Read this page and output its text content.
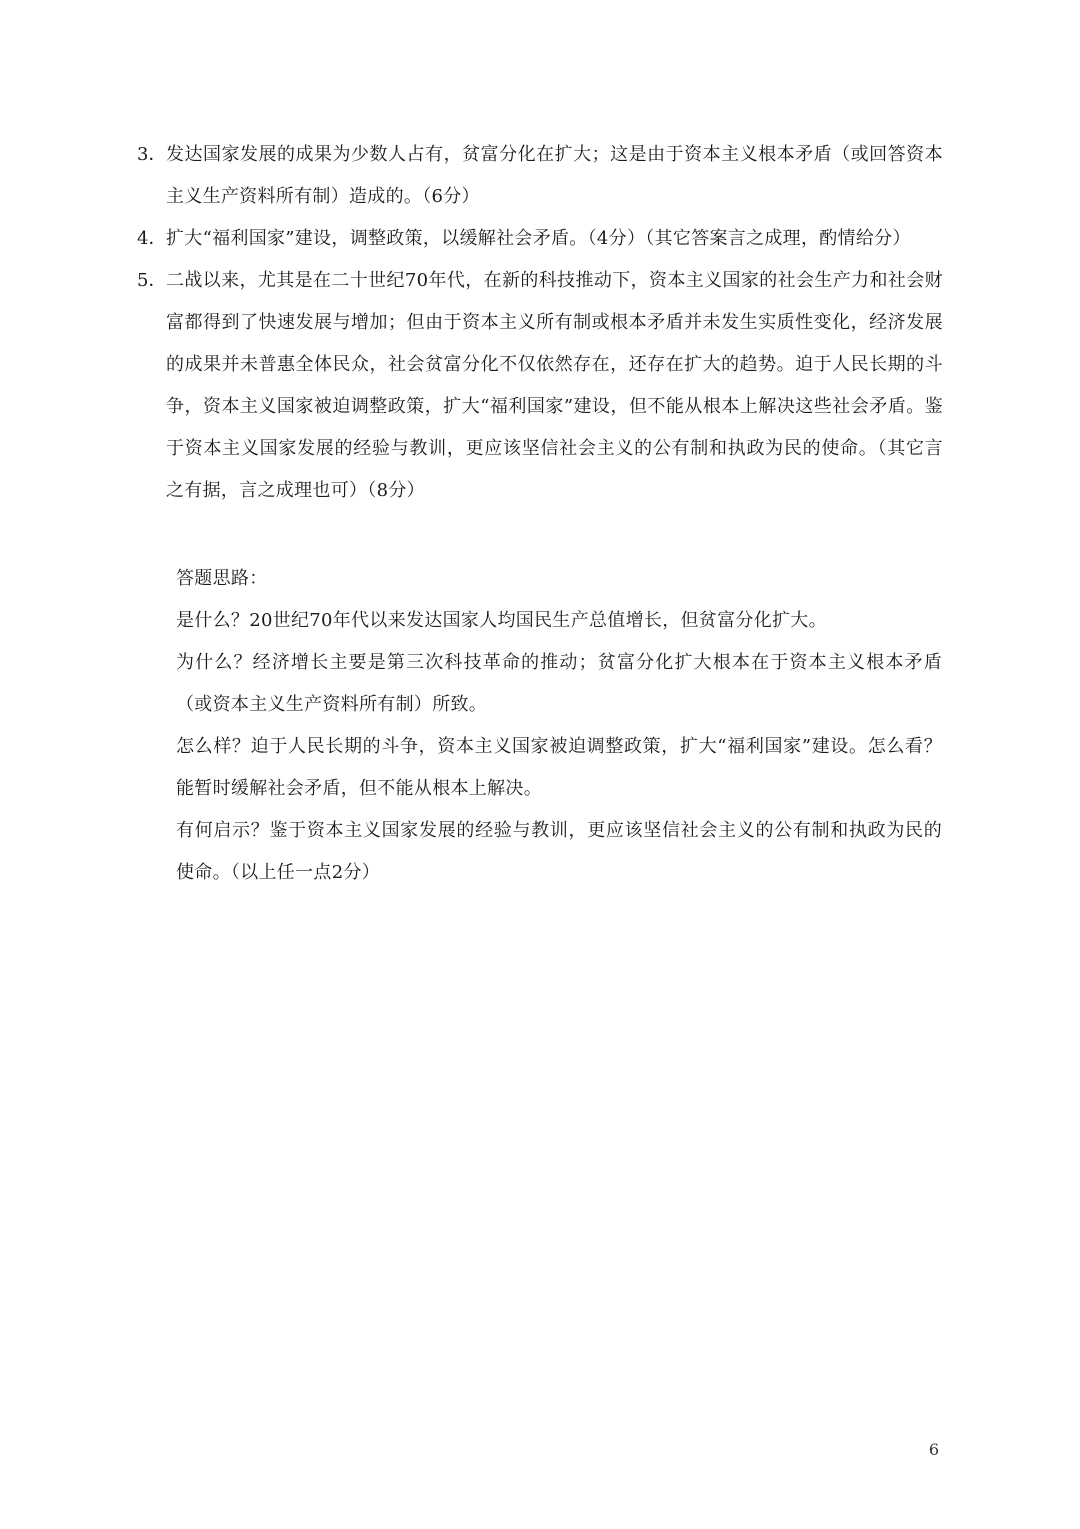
3． 发达国家发展的成果为少数人占有，贫富分化在扩大；这是由于资本主义根本矛盾（或回答资本主义生产资料所有制）造成的。（6分）
4． 扩大“福利国家”建设，调整政策，以缓解社会矛盾。（4分）（其它答案言之成理，酌情给分）
5． 二战以来，尤其是在二十世纪70年代，在新的科技推动下，资本主义国家的社会生产力和社会财富都得到了快速发展与增加；但由于资本主义所有制或根本矛盾并未发生实质性变化，经济发展的成果并未普惠全体民众，社会贫富分化不仅依然存在，还存在扩大的趋势。迫于人民长期的斗争，资本主义国家被迫调整政策，扩大“福利国家”建设，但不能从根本上解决这些社会矛盾。鉴于资本主义国家发展的经验与教训，更应该坚信社会主义的公有制和执政为民的使命。（其它言之有据，言之成理也可）（8分）

答题思路：

是什么？20世纪70年代以来发达国家人均国民生产总值增长，但贫富分化扩大。

为什么？经济增长主要是第三次科技革命的推动；贫富分化扩大根本在于资本主义根本矛盾（或资本主义生产资料所有制）所致。

怎么样？迫于人民长期的斗争，资本主义国家被迫调整政策，扩大“福利国家”建设。怎么看？能暂时缓解社会矛盾，但不能从根本上解决。

有何启示？鉴于资本主义国家发展的经验与教训，更应该坚信社会主义的公有制和执政为民的使命。（以上任一点2分）

6
